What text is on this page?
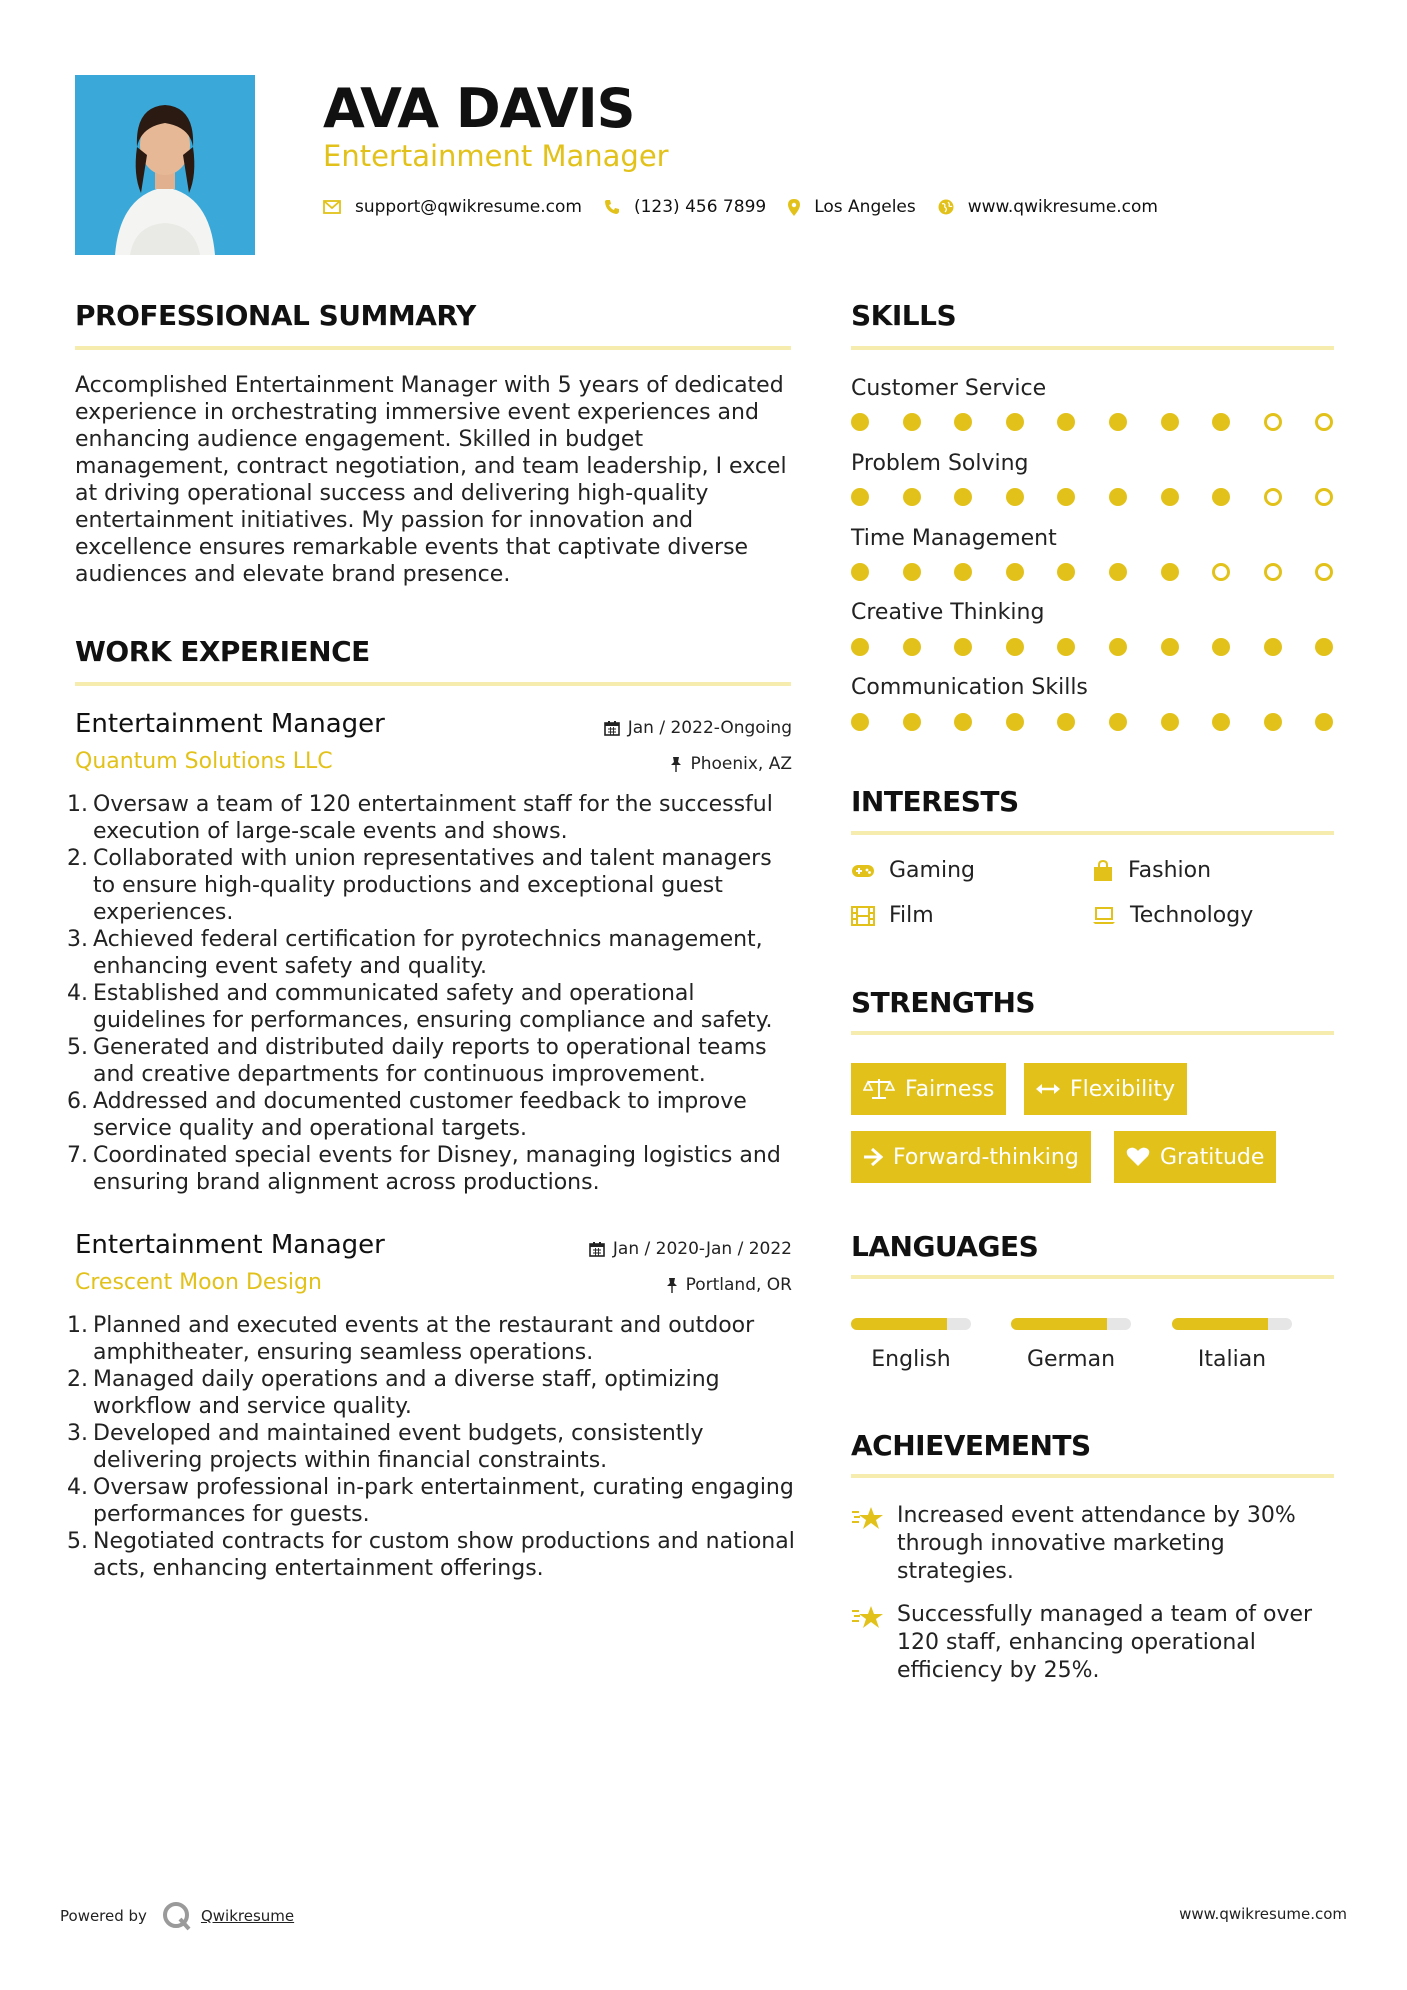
AVA DAVIS
Entertainment Manager
support@qwikresume.com	(123) 456 7899	Los Angeles	www.qwikresume.com
PROFESSIONAL SUMMARY
Accomplished Entertainment Manager with 5 years of dedicated experience in orchestrating immersive event experiences and enhancing audience engagement. Skilled in budget management, contract negotiation, and team leadership, I excel at driving operational success and delivering high-quality entertainment initiatives. My passion for innovation and excellence ensures remarkable events that captivate diverse audiences and elevate brand presence.
WORK EXPERIENCE
Entertainment Manager	Jan / 2022-Ongoing
Quantum Solutions LLC	Phoenix, AZ
1. Oversaw a team of 120 entertainment staff for the successful execution of large-scale events and shows.
2. Collaborated with union representatives and talent managers to ensure high-quality productions and exceptional guest experiences.
3. Achieved federal certification for pyrotechnics management, enhancing event safety and quality.
4. Established and communicated safety and operational guidelines for performances, ensuring compliance and safety.
5. Generated and distributed daily reports to operational teams and creative departments for continuous improvement.
6. Addressed and documented customer feedback to improve service quality and operational targets.
7. Coordinated special events for Disney, managing logistics and ensuring brand alignment across productions.
Entertainment Manager	Jan / 2020-Jan / 2022
Crescent Moon Design	Portland, OR
1. Planned and executed events at the restaurant and outdoor amphitheater, ensuring seamless operations.
2. Managed daily operations and a diverse staff, optimizing workflow and service quality.
3. Developed and maintained event budgets, consistently delivering projects within financial constraints.
4. Oversaw professional in-park entertainment, curating engaging performances for guests.
5. Negotiated contracts for custom show productions and national acts, enhancing entertainment offerings.
SKILLS
Customer Service
Problem Solving
Time Management
Creative Thinking
Communication Skills
INTERESTS
Gaming	Fashion
Film	Technology
STRENGTHS
Fairness	Flexibility
Forward-thinking	Gratitude
LANGUAGES
English	German	Italian
ACHIEVEMENTS
Increased event attendance by 30% through innovative marketing strategies.
Successfully managed a team of over 120 staff, enhancing operational efficiency by 25%.
Powered by	Qwikresume	www.qwikresume.com
